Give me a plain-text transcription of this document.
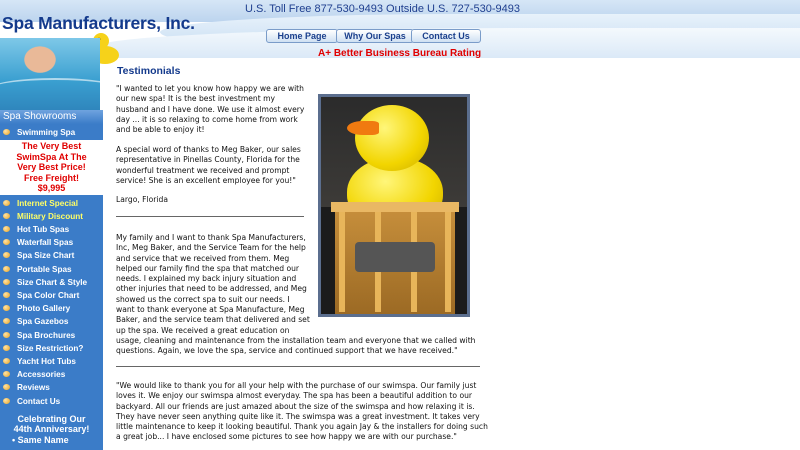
U.S. Toll Free 877-530-9493 Outside U.S. 727-530-9493
Spa Manufacturers, Inc.
Home Page	Why Our Spas	Contact Us
Spa Showrooms
Swimming Spa
The Very Best
SwimSpa At The
Very Best Price!
Free Freight!
$9,995
Internet Special
Military Discount
Hot Tub Spas
Waterfall Spas
Spa Size Chart
Portable Spas
Size Chart & Style
Spa Color Chart
Photo Gallery
Spa Gazebos
Spa Brochures
Size Restriction?
Yacht Hot Tubs
Accessories
Reviews
Contact Us
Celebrating Our
44th Anniversary!
• Same Name
A+ Better Business Bureau Rating
Testimonials
"I wanted to let you know how happy we are with
our new spa! It is the best investment my
husband and I have done. We use it almost every
day ... it is so relaxing to come home from work
and be able to enjoy it!
A special word of thanks to Meg Baker, our sales
representative in Pinellas County, Florida for the
wonderful treatment we received and prompt
service! She is an excellent employee for you!"
Largo, Florida
My family and I want to thank Spa Manufacturers,
Inc, Meg Baker, and the Service Team for the help
and service that we received from them. Meg
helped our family find the spa that matched our
needs. I explained my back injury situation and
other injuries that need to be addressed, and Meg
showed us the correct spa to suit our needs. I
want to thank everyone at Spa Manufacture, Meg
Baker, and the service team that delivered and set
up the spa. We received a great education on
usage, cleaning and maintenance from the installation team and everyone that we called with
questions. Again, we love the spa, service and continued support that we have received."
"We would like to thank you for all your help with the purchase of our swimspa. Our family just
loves it. We enjoy our swimspa almost everyday. The spa has been a beautiful addition to our
backyard. All our friends are just amazed about the size of the swimspa and how relaxing it is.
They have never seen anything quite like it. The swimspa was a great investment. It takes very
little maintenance to keep it looking beautiful. Thank you again Jay & the installers for doing such
a great job... I have enclosed some pictures to see how happy we are with our purchase."
